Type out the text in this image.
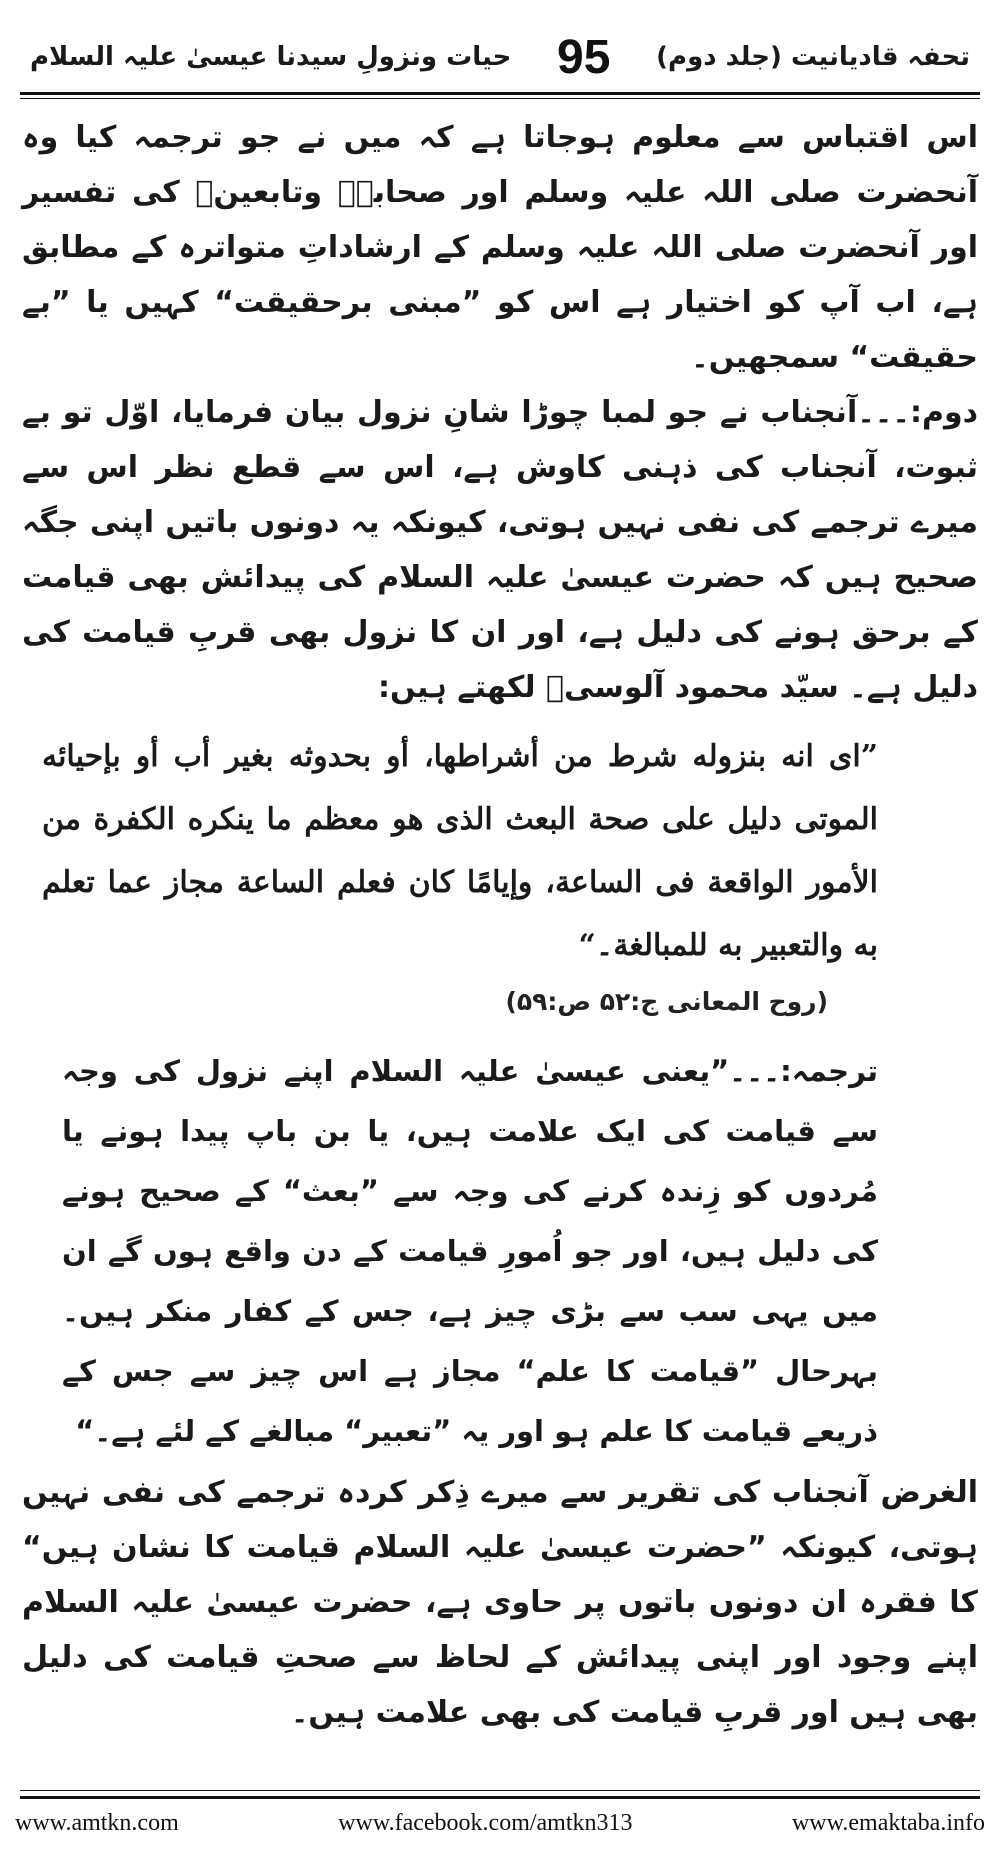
تحفہ قادیانیت (جلد دوم)
95
حیات ونزولِ سیدنا عیسیٰ علیہ السلام

اس اقتباس سے معلوم ہوجاتا ہے کہ میں نے جو ترجمہ کیا وہ آنحضرت صلی اللہ علیہ وسلم اور صحابہؓ وتابعینؒ کی تفسیر اور آنحضرت صلی اللہ علیہ وسلم کے ارشاداتِ متواترہ کے مطابق ہے، اب آپ کو اختیار ہے اس کو ”مبنی برحقیقت“ کہیں یا ”بے حقیقت“ سمجھیں۔

دوم:۔۔۔آنجناب نے جو لمبا چوڑا شانِ نزول بیان فرمایا، اوّل تو بے ثبوت، آنجناب کی ذہنی کاوش ہے، اس سے قطع نظر اس سے میرے ترجمے کی نفی نہیں ہوتی، کیونکہ یہ دونوں باتیں اپنی جگہ صحیح ہیں کہ حضرت عیسیٰ علیہ السلام کی پیدائش بھی قیامت کے برحق ہونے کی دلیل ہے، اور ان کا نزول بھی قربِ قیامت کی دلیل ہے۔ سیّد محمود آلوسیؒ لکھتے ہیں:

”ای انه بنزوله شرط من أشراطها، أو بحدوثه بغیر أب أو بإحیائه الموتی دلیل علی صحة البعث الذی هو معظم ما ینکره الکفرة من الأمور الواقعة فی الساعة، وإیامًا کان فعلم الساعة مجاز عما تعلم به والتعبیر به للمبالغة۔“

(روح المعانی ج:۵۲ ص:۵۹)

ترجمہ:۔۔۔”یعنی عیسیٰ علیہ السلام اپنے نزول کی وجہ سے قیامت کی ایک علامت ہیں، یا بن باپ پیدا ہونے یا مُردوں کو زِندہ کرنے کی وجہ سے ”بعث“ کے صحیح ہونے کی دلیل ہیں، اور جو اُمورِ قیامت کے دن واقع ہوں گے ان میں یہی سب سے بڑی چیز ہے، جس کے کفار منکر ہیں۔ بہرحال ”قیامت کا علم“ مجاز ہے اس چیز سے جس کے ذریعے قیامت کا علم ہو اور یہ ”تعبیر“ مبالغے کے لئے ہے۔“

الغرض آنجناب کی تقریر سے میرے ذِکر کردہ ترجمے کی نفی نہیں ہوتی، کیونکہ ”حضرت عیسیٰ علیہ السلام قیامت کا نشان ہیں“ کا فقرہ ان دونوں باتوں پر حاوی ہے، حضرت عیسیٰ علیہ السلام اپنے وجود اور اپنی پیدائش کے لحاظ سے صحتِ قیامت کی دلیل بھی ہیں اور قربِ قیامت کی بھی علامت ہیں۔

www.amtkn.com	www.facebook.com/amtkn313	www.emaktaba.info
